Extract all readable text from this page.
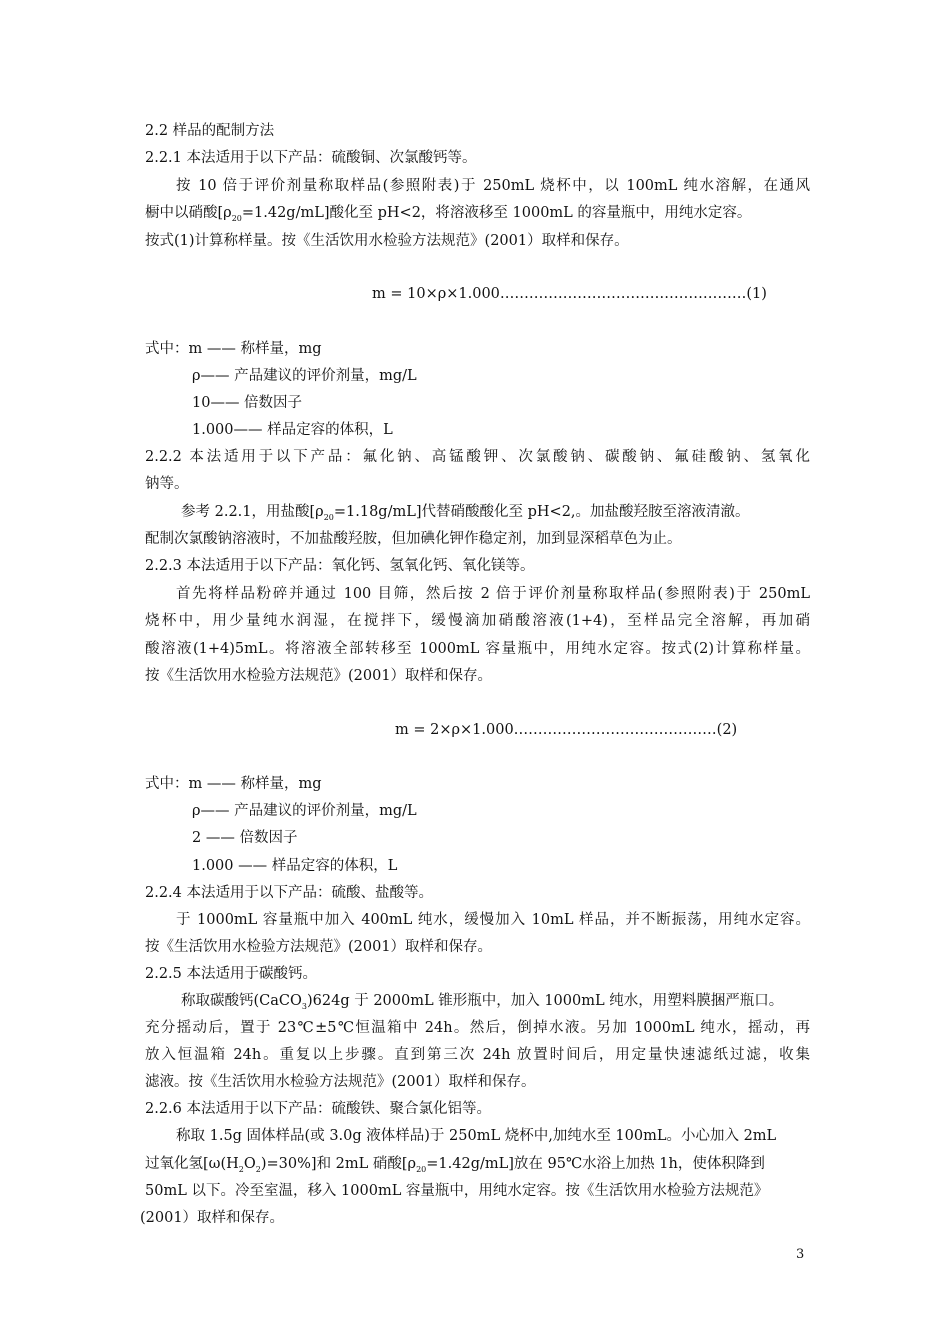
2.2 样品的配制方法
2.2.1 本法适用于以下产品：硫酸铜、次氯酸钙等。
按 10 倍于评价剂量称取样品(参照附表)于 250mL 烧杯中，以 100mL 纯水溶解，在通风
橱中以硝酸$[\rho_{20}=1.42g/mL]$酸化至 pH<2，将溶液移至 1000mL 的容量瓶中，用纯水定容。
按式(1)计算称样量。按《生活饮用水检验方法规范》(2001）取样和保存。
m = 10×ρ×1.000……………………………………………(1)
式中：m —— 称样量，mg
ρ—— 产品建议的评价剂量，mg/L
10—— 倍数因子
1.000—— 样品定容的体积，L
2.2.2 本法适用于以下产品：氟化钠、高锰酸钾、次氯酸钠、碳酸钠、氟硅酸钠、氢氧化
钠等。
参考 2.2.1，用盐酸$[\rho_{20}=1.18g/mL]$代替硝酸酸化至 pH<2,。加盐酸羟胺至溶液清澈。
配制次氯酸钠溶液时，不加盐酸羟胺，但加碘化钾作稳定剂，加到显深稻草色为止。
2.2.3 本法适用于以下产品：氧化钙、氢氧化钙、氧化镁等。
首先将样品粉碎并通过 100 目筛，然后按 2 倍于评价剂量称取样品(参照附表)于 250mL
烧杯中，用少量纯水润湿，在搅拌下，缓慢滴加硝酸溶液(1+4)，至样品完全溶解，再加硝
酸溶液(1+4)5mL。将溶液全部转移至 1000mL 容量瓶中，用纯水定容。按式(2)计算称样量。
按《生活饮用水检验方法规范》(2001）取样和保存。
m = 2×ρ×1.000……………………………………(2)
式中：m —— 称样量，mg
ρ—— 产品建议的评价剂量，mg/L
2 —— 倍数因子
1.000 —— 样品定容的体积，L
2.2.4 本法适用于以下产品：硫酸、盐酸等。
于 1000mL 容量瓶中加入 400mL 纯水，缓慢加入 10mL 样品，并不断振荡，用纯水定容。
按《生活饮用水检验方法规范》(2001）取样和保存。
2.2.5 本法适用于碳酸钙。
称取碳酸钙(CaCO$_3$)624g 于 2000mL 锥形瓶中，加入 1000mL 纯水，用塑料膜捆严瓶口。
充分摇动后，置于 23℃±5℃恒温箱中 24h。然后，倒掉水液。另加 1000mL 纯水，摇动，再
放入恒温箱 24h。重复以上步骤。直到第三次 24h 放置时间后，用定量快速滤纸过滤，收集
滤液。按《生活饮用水检验方法规范》(2001）取样和保存。
2.2.6 本法适用于以下产品：硫酸铁、聚合氯化铝等。
称取 1.5g 固体样品(或 3.0g 液体样品)于 250mL 烧杯中,加纯水至 100mL。小心加入 2mL
过氧化氢$[\omega(H_2O_2)=30\%]$和 2mL 硝酸$[\rho_{20}=1.42g/mL]$放在 95℃水浴上加热 1h，使体积降到
50mL 以下。冷至室温，移入 1000mL 容量瓶中，用纯水定容。按《生活饮用水检验方法规范》
(2001）取样和保存。
3
